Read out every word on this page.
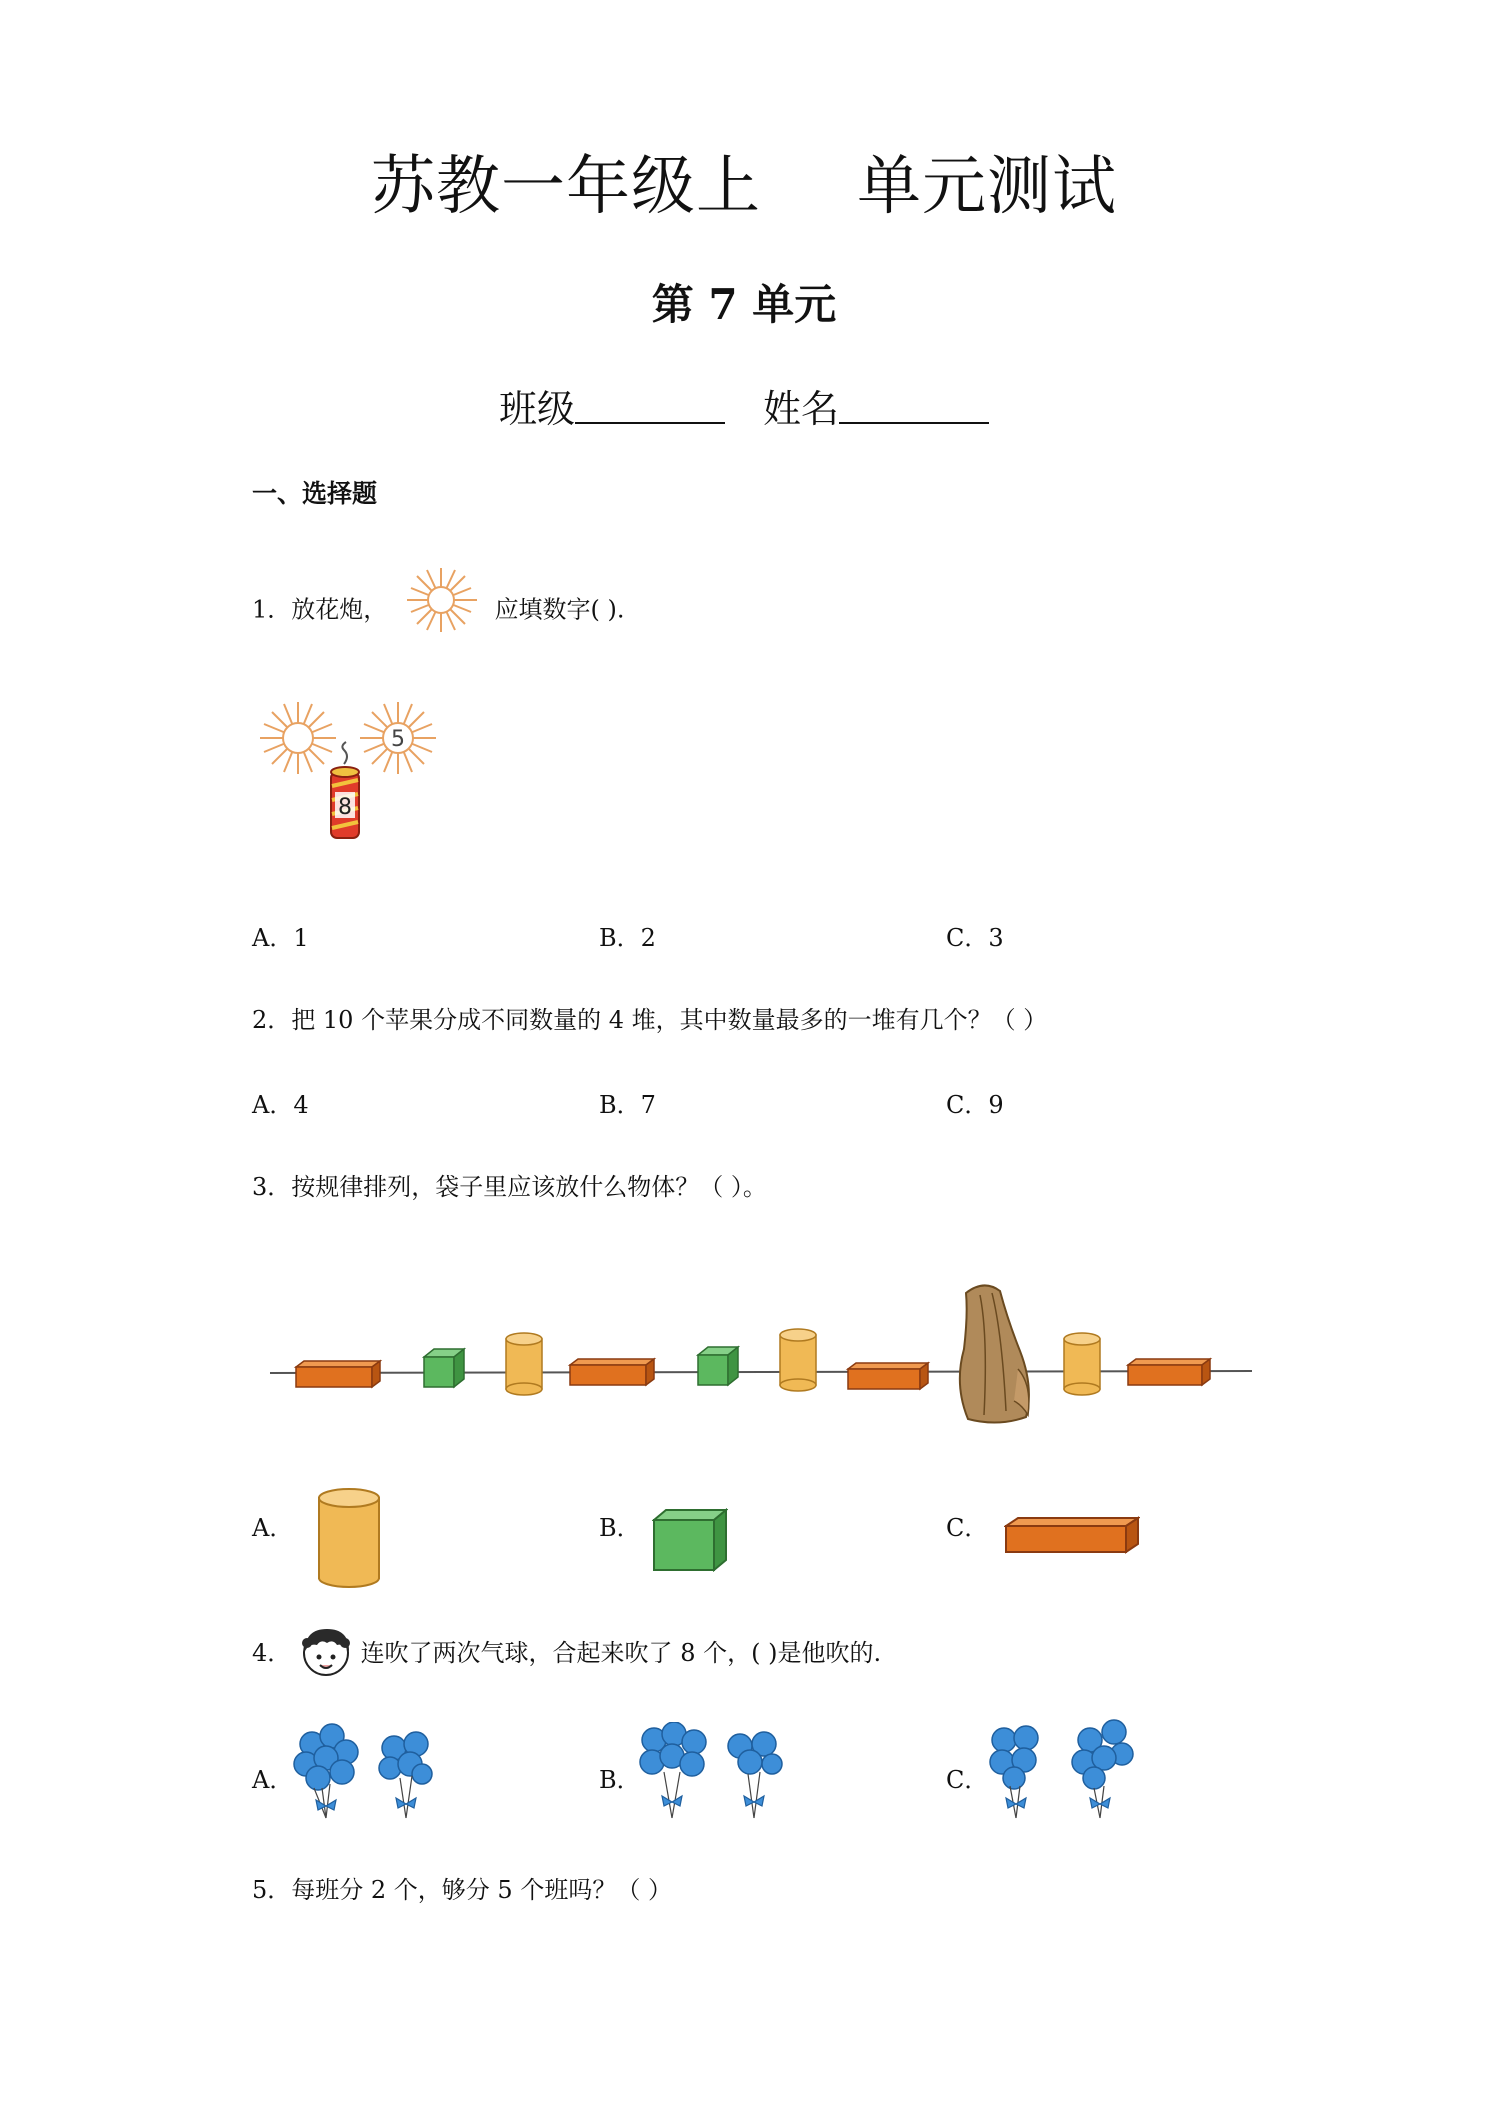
苏教一年级上 单元测试
第 7 单元
班级	姓名
一、选择题
1．放花炮，	应填数字( ).
5
8
A．1	B．2	C．3
2．把 10 个苹果分成不同数量的 4 堆，其中数量最多的一堆有几个？（ ）
A．4	B．7	C．9
3．按规律排列，袋子里应该放什么物体？（ ）。
A．	B．	C．
4．	连吹了两次气球，合起来吹了 8 个，( )是他吹的.
A．	B．	C．
5．每班分 2 个，够分 5 个班吗？（ ）
